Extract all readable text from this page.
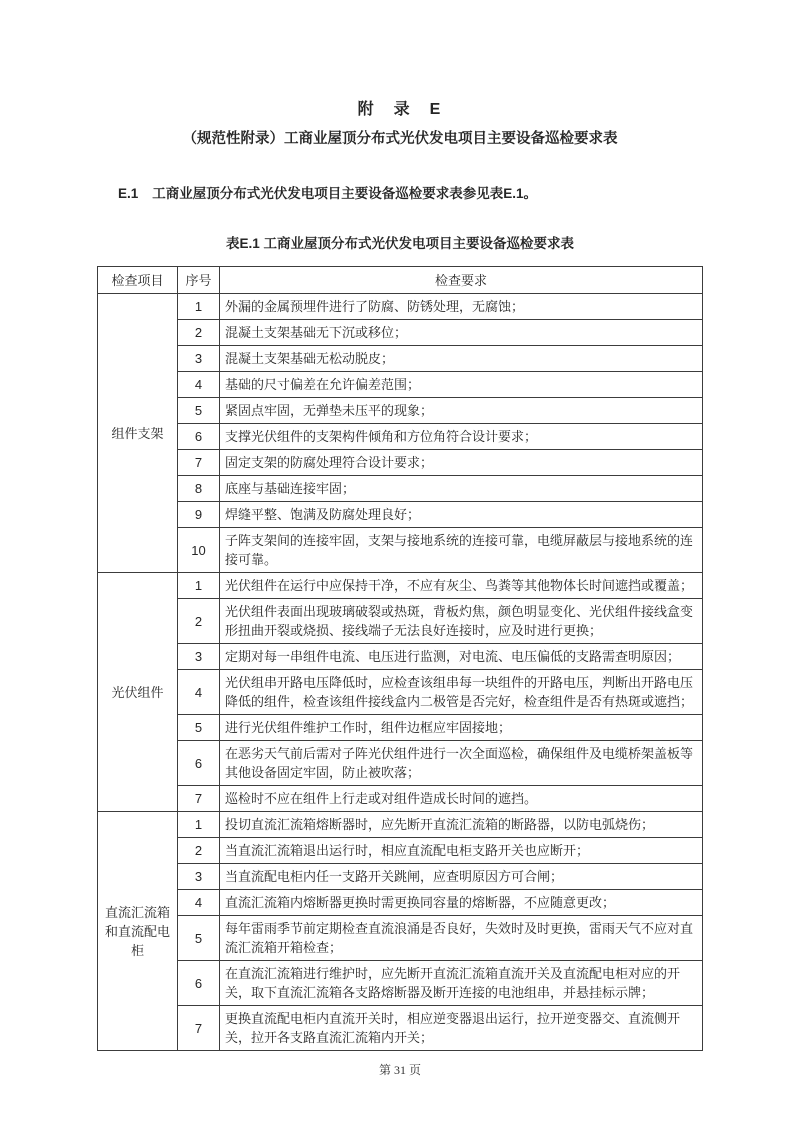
附　录　E
（规范性附录）工商业屋顶分布式光伏发电项目主要设备巡检要求表
E.1 工商业屋顶分布式光伏发电项目主要设备巡检要求表参见表E.1。
表E.1 工商业屋顶分布式光伏发电项目主要设备巡检要求表
检查项目	序号	检查要求
组件支架	1	外漏的金属预埋件进行了防腐、防锈处理，无腐蚀；
	2	混凝土支架基础无下沉或移位；
	3	混凝土支架基础无松动脱皮；
	4	基础的尺寸偏差在允许偏差范围；
	5	紧固点牢固，无弹垫未压平的现象；
	6	支撑光伏组件的支架构件倾角和方位角符合设计要求；
	7	固定支架的防腐处理符合设计要求；
	8	底座与基础连接牢固；
	9	焊缝平整、饱满及防腐处理良好；
	10	子阵支架间的连接牢固，支架与接地系统的连接可靠，电缆屏蔽层与接地系统的连接可靠。
光伏组件	1	光伏组件在运行中应保持干净，不应有灰尘、鸟粪等其他物体长时间遮挡或覆盖；
	2	光伏组件表面出现玻璃破裂或热斑，背板灼焦，颜色明显变化、光伏组件接线盒变形扭曲开裂或烧损、接线端子无法良好连接时，应及时进行更换；
	3	定期对每一串组件电流、电压进行监测，对电流、电压偏低的支路需查明原因；
	4	光伏组串开路电压降低时，应检查该组串每一块组件的开路电压，判断出开路电压降低的组件，检查该组件接线盒内二极管是否完好，检查组件是否有热斑或遮挡；
	5	进行光伏组件维护工作时，组件边框应牢固接地；
	6	在恶劣天气前后需对子阵光伏组件进行一次全面巡检，确保组件及电缆桥架盖板等其他设备固定牢固，防止被吹落；
	7	巡检时不应在组件上行走或对组件造成长时间的遮挡。
直流汇流箱和直流配电柜	1	投切直流汇流箱熔断器时，应先断开直流汇流箱的断路器，以防电弧烧伤；
	2	当直流汇流箱退出运行时，相应直流配电柜支路开关也应断开；
	3	当直流配电柜内任一支路开关跳闸，应查明原因方可合闸；
	4	直流汇流箱内熔断器更换时需更换同容量的熔断器，不应随意更改；
	5	每年雷雨季节前定期检查直流浪涌是否良好，失效时及时更换，雷雨天气不应对直流汇流箱开箱检查；
	6	在直流汇流箱进行维护时，应先断开直流汇流箱直流开关及直流配电柜对应的开关，取下直流汇流箱各支路熔断器及断开连接的电池组串，并悬挂标示牌；
	7	更换直流配电柜内直流开关时，相应逆变器退出运行，拉开逆变器交、直流侧开关，拉开各支路直流汇流箱内开关；
第 31 页
